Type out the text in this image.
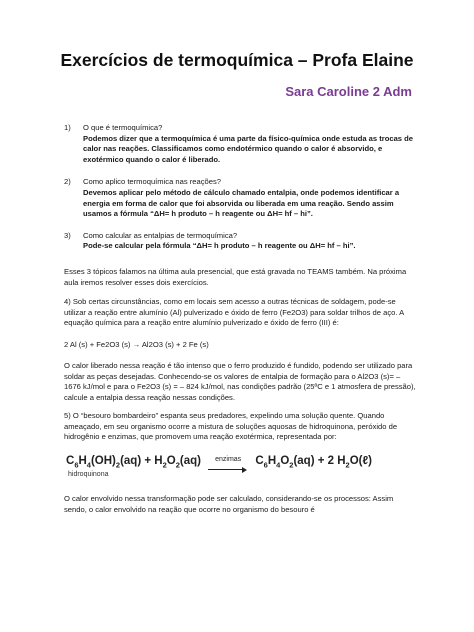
Exercícios de termoquímica – Profa Elaine
Sara Caroline 2 Adm
1) O que é termoquímica?

Podemos dizer que a termoquímica é uma parte da físico-química onde estuda as trocas de calor nas reações. Classificamos como endotérmico quando o calor é absorvido, e exotérmico quando o calor é liberado.

2) Como aplico termoquímica nas reações?

Devemos aplicar pelo método de cálculo chamado entalpia, onde podemos identificar a energia em forma de calor que foi absorvida ou liberada em uma reação. Sendo assim usamos a fórmula “ΔH= h produto – h reagente ou ΔH= hf – hi”.

3) Como calcular as entalpias de termoquímica?

Pode-se calcular pela fórmula “ΔH= h produto – h reagente ou ΔH= hf – hi”.

Esses 3 tópicos falamos na última aula presencial, que está gravada no TEAMS também. Na próxima aula iremos resolver esses dois exercícios.

4) Sob certas circunstâncias, como em locais sem acesso a outras técnicas de soldagem, pode-se utilizar a reação entre alumínio (Al) pulverizado e óxido de ferro (Fe2O3) para soldar trilhos de aço. A equação química para a reação entre alumínio pulverizado e óxido de ferro (III) é:

2 Al (s) + Fe2O3 (s) → Al2O3 (s) + 2 Fe (s)

O calor liberado nessa reação é tão intenso que o ferro produzido é fundido, podendo ser utilizado para soldar as peças desejadas. Conhecendo-se os valores de entalpia de formação para o Al2O3 (s)= – 1676 kJ/mol e para o Fe2O3 (s) = – 824 kJ/mol, nas condições padrão (25ºC e 1 atmosfera de pressão), calcule a entalpia dessa reação nessas condições.

5) O “besouro bombardeiro” espanta seus predadores, expelindo uma solução quente. Quando ameaçado, em seu organismo ocorre a mistura de soluções aquosas de hidroquinona, peróxido de hidrogênio e enzimas, que promovem uma reação exotérmica, representada por:

$C_6H_4(OH)_2(aq) + H_2O_2(aq)$	enzimas	$C_6H_4O_2(aq) + 2$ $H_2O(\ell)$
hidroquinona

O calor envolvido nessa transformação pode ser calculado, considerando-se os processos: Assim sendo, o calor envolvido na reação que ocorre no organismo do besouro é
